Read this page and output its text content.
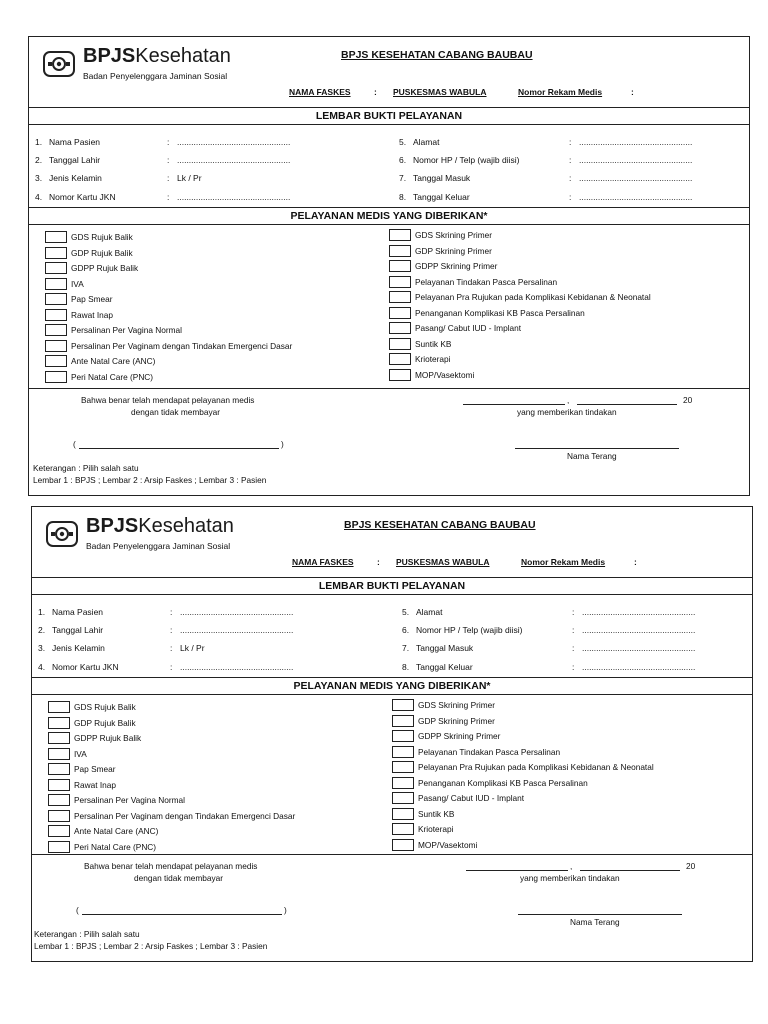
BPJSKesehatan
Badan Penyelenggara Jaminan Sosial
BPJS KESEHATAN CABANG BAUBAU
NAMA FASKES	: PUSKESMAS WABULA	Nomor Rekam Medis	:
LEMBAR BUKTI PELAYANAN
1. Nama Pasien	: ................................................
2. Tanggal Lahir	: ................................................
3. Jenis Kelamin	: Lk / Pr
4. Nomor Kartu JKN	: ................................................
5. Alamat	: ................................................
6. Nomor HP / Telp (wajib diisi)	: ................................................
7. Tanggal Masuk	: ................................................
8. Tanggal Keluar	: ................................................
PELAYANAN MEDIS YANG DIBERIKAN*
GDS Rujuk Balik
GDP Rujuk Balik
GDPP Rujuk Balik
IVA
Pap Smear
Rawat Inap
Persalinan Per Vagina Normal
Persalinan Per Vaginam dengan Tindakan Emergenci Dasar
Ante Natal Care (ANC)
Peri Natal Care (PNC)
GDS Skrining Primer
GDP Skrining Primer
GDPP Skrining Primer
Pelayanan Tindakan Pasca Persalinan
Pelayanan Pra Rujukan pada Komplikasi Kebidanan & Neonatal
Penanganan Komplikasi KB Pasca Persalinan
Pasang/ Cabut IUD - Implant
Suntik KB
Krioterapi
MOP/Vasektomi
Bahwa benar telah mendapat pelayanan medis
dengan tidak membayar
,	20
yang memberikan tindakan
(	)
Nama Terang
Keterangan : Pilih salah satu
Lembar 1 : BPJS ; Lembar 2 : Arsip Faskes ; Lembar 3 : Pasien
BPJSKesehatan
Badan Penyelenggara Jaminan Sosial
BPJS KESEHATAN CABANG BAUBAU
NAMA FASKES	: PUSKESMAS WABULA	Nomor Rekam Medis	:
LEMBAR BUKTI PELAYANAN
1. Nama Pasien	: ................................................
2. Tanggal Lahir	: ................................................
3. Jenis Kelamin	: Lk / Pr
4. Nomor Kartu JKN	: ................................................
5. Alamat	: ................................................
6. Nomor HP / Telp (wajib diisi)	: ................................................
7. Tanggal Masuk	: ................................................
8. Tanggal Keluar	: ................................................
PELAYANAN MEDIS YANG DIBERIKAN*
GDS Rujuk Balik
GDP Rujuk Balik
GDPP Rujuk Balik
IVA
Pap Smear
Rawat Inap
Persalinan Per Vagina Normal
Persalinan Per Vaginam dengan Tindakan Emergenci Dasar
Ante Natal Care (ANC)
Peri Natal Care (PNC)
GDS Skrining Primer
GDP Skrining Primer
GDPP Skrining Primer
Pelayanan Tindakan Pasca Persalinan
Pelayanan Pra Rujukan pada Komplikasi Kebidanan & Neonatal
Penanganan Komplikasi KB Pasca Persalinan
Pasang/ Cabut IUD - Implant
Suntik KB
Krioterapi
MOP/Vasektomi
Bahwa benar telah mendapat pelayanan medis
dengan tidak membayar
,	20
yang memberikan tindakan
(	)
Nama Terang
Keterangan : Pilih salah satu
Lembar 1 : BPJS ; Lembar 2 : Arsip Faskes ; Lembar 3 : Pasien
